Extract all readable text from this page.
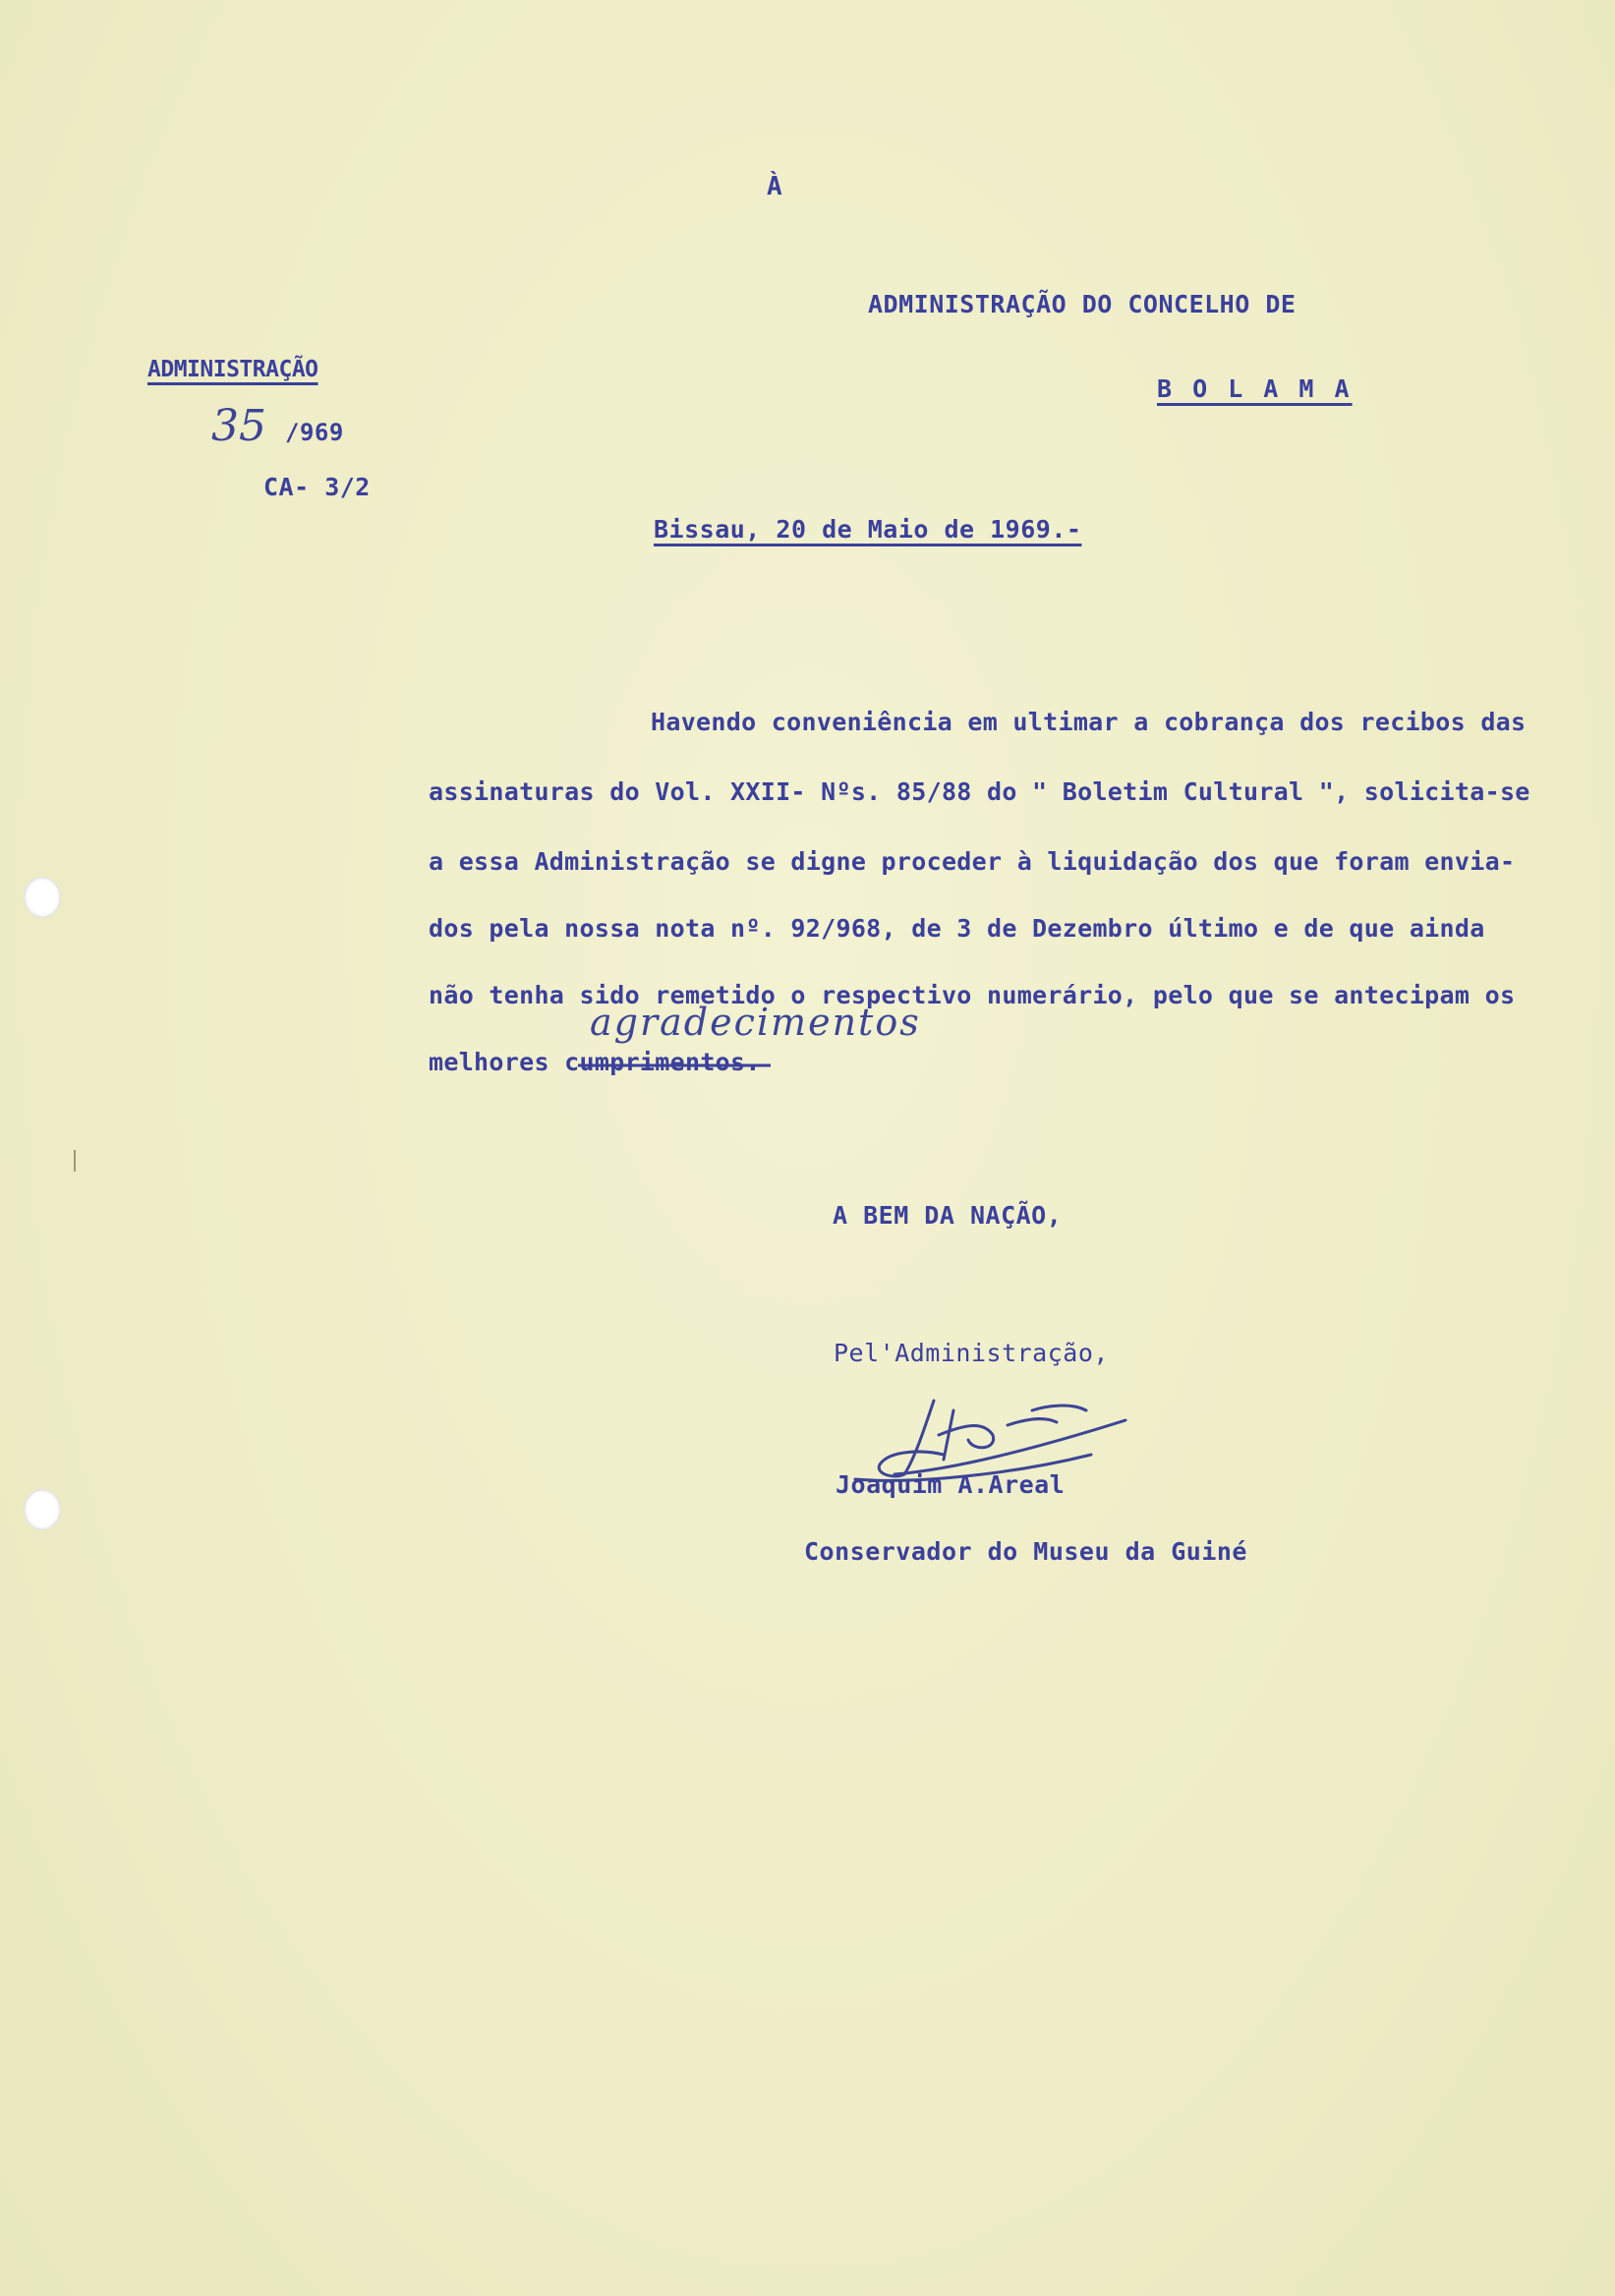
À
ADMINISTRAÇÃO DO CONCELHO DE
B O L A M A
ADMINISTRAÇÃO
35 /969
CA- 3/2
Bissau, 20 de Maio de 1969.-
Havendo conveniência em ultimar a cobrança dos recibos das
assinaturas do Vol. XXII- Nºs. 85/88 do " Boletim Cultural ", solicita-se
a essa Administração se digne proceder à liquidação dos que foram envia-
dos pela nossa nota nº. 92/968, de 3 de Dezembro último e de que ainda
não tenha sido remetido o respectivo numerário, pelo que se antecipam os
melhores cumprimentos.
agradecimentos
A BEM DA NAÇÃO,
Pel'Administração,
Joaquim A.Areal
Conservador do Museu da Guiné
